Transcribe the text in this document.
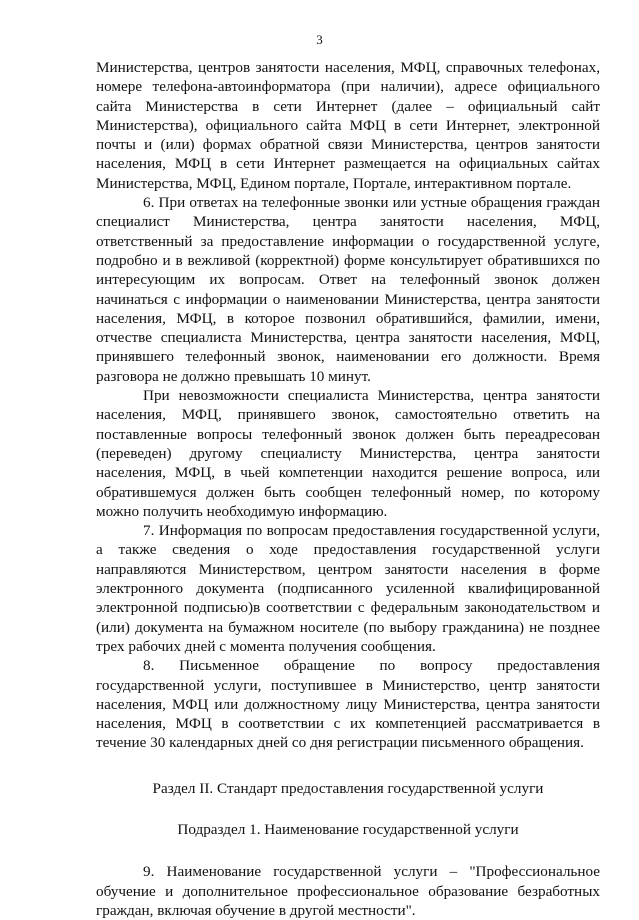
3

Министерства, центров занятости населения, МФЦ, справочных телефонах, номере телефона-автоинформатора (при наличии), адресе официального сайта Министерства в сети Интернет (далее – официальный сайт Министерства), официального сайта МФЦ в сети Интернет, электронной почты и (или) формах обратной связи Министерства, центров занятости населения, МФЦ в сети Интернет размещается на официальных сайтах Министерства, МФЦ, Едином портале, Портале, интерактивном портале.

6. При ответах на телефонные звонки или устные обращения граждан специалист Министерства, центра занятости населения, МФЦ, ответственный за предоставление информации о государственной услуге, подробно и в вежливой (корректной) форме консультирует обратившихся по интересующим их вопросам. Ответ на телефонный звонок должен начинаться с информации о наименовании Министерства, центра занятости населения, МФЦ, в которое позвонил обратившийся, фамилии, имени, отчестве специалиста Министерства, центра занятости населения, МФЦ, принявшего телефонный звонок, наименовании его должности. Время разговора не должно превышать 10 минут.

При невозможности специалиста Министерства, центра занятости населения, МФЦ, принявшего звонок, самостоятельно ответить на поставленные вопросы телефонный звонок должен быть переадресован (переведен) другому специалисту Министерства, центра занятости населения, МФЦ, в чьей компетенции находится решение вопроса, или обратившемуся должен быть сообщен телефонный номер, по которому можно получить необходимую информацию.

7. Информация по вопросам предоставления государственной услуги, а также сведения о ходе предоставления государственной услуги направляются Министерством, центром занятости населения в форме электронного документа (подписанного усиленной квалифицированной электронной подписью)в соответствии с федеральным законодательством и (или) документа на бумажном носителе (по выбору гражданина) не позднее трех рабочих дней с момента получения сообщения.

8. Письменное обращение по вопросу предоставления государственной услуги, поступившее в Министерство, центр занятости населения, МФЦ или должностному лицу Министерства, центра занятости населения, МФЦ в соответствии с их компетенцией рассматривается в течение 30 календарных дней со дня регистрации письменного обращения.

Раздел II. Стандарт предоставления государственной услуги

Подраздел 1. Наименование государственной услуги

9. Наименование государственной услуги – "Профессиональное обучение и дополнительное профессиональное образование безработных граждан, включая обучение в другой местности".
